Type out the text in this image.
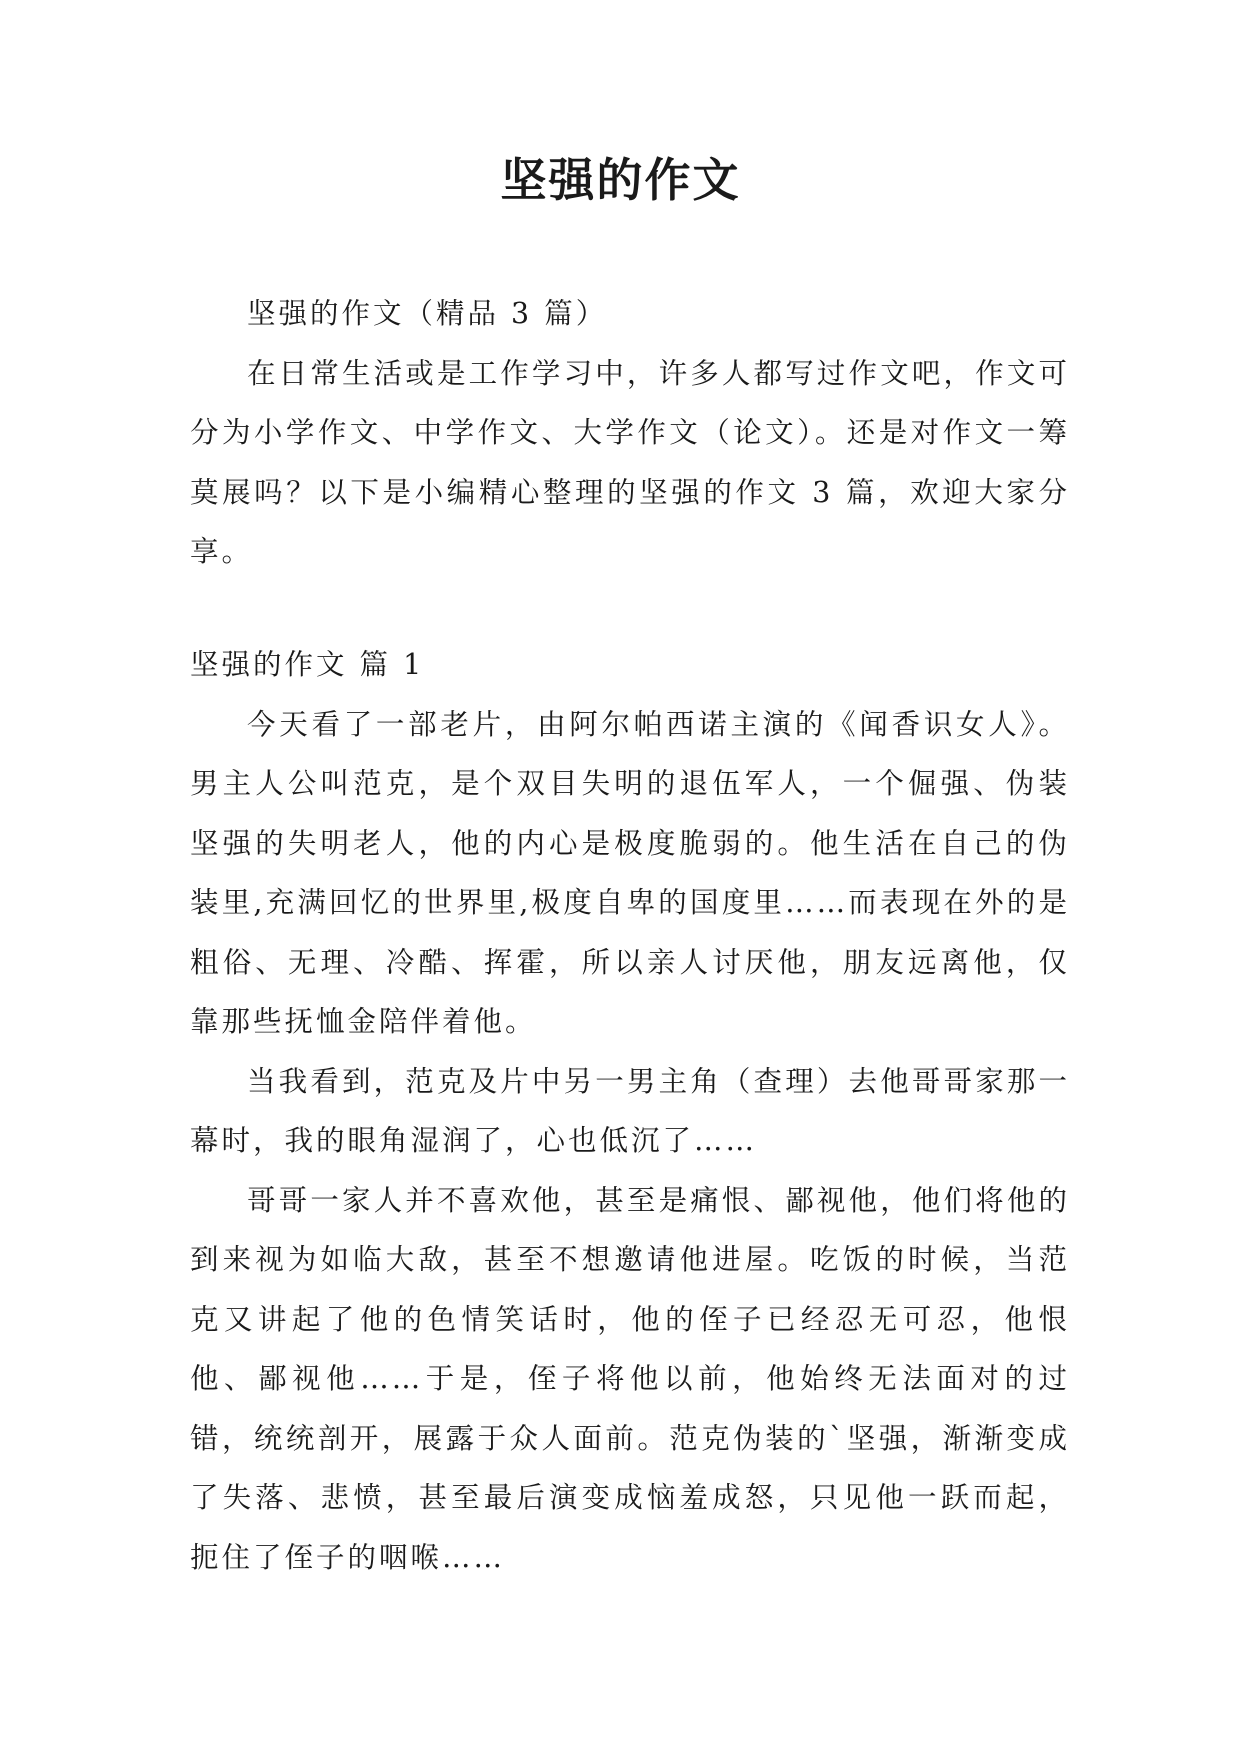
坚强的作文

坚强的作文（精品 3 篇）

在日常生活或是工作学习中，许多人都写过作文吧，作文可分为小学作文、中学作文、大学作文（论文）。还是对作文一筹莫展吗？以下是小编精心整理的坚强的作文 3 篇，欢迎大家分享。

坚强的作文 篇 1

今天看了一部老片，由阿尔帕西诺主演的《闻香识女人》。男主人公叫范克，是个双目失明的退伍军人，一个倔强、伪装坚强的失明老人，他的内心是极度脆弱的。他生活在自己的伪装里,充满回忆的世界里,极度自卑的国度里……而表现在外的是粗俗、无理、冷酷、挥霍，所以亲人讨厌他，朋友远离他，仅靠那些抚恤金陪伴着他。

当我看到，范克及片中另一男主角（查理）去他哥哥家那一幕时，我的眼角湿润了，心也低沉了……

哥哥一家人并不喜欢他，甚至是痛恨、鄙视他，他们将他的到来视为如临大敌，甚至不想邀请他进屋。吃饭的时候，当范克又讲起了他的色情笑话时，他的侄子已经忍无可忍，他恨他、鄙视他……于是，侄子将他以前，他始终无法面对的过错，统统剖开，展露于众人面前。范克伪装的`坚强，渐渐变成了失落、悲愤，甚至最后演变成恼羞成怒，只见他一跃而起，扼住了侄子的咽喉……
